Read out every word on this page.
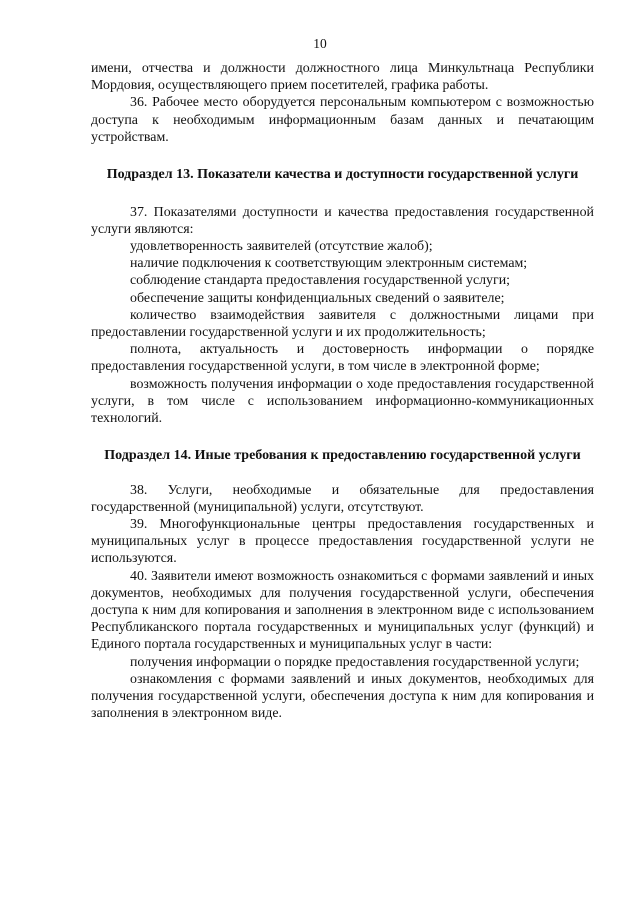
10

имени, отчества и должности должностного лица Минкультнаца Республики Мордовия, осуществляющего прием посетителей, графика работы.

36. Рабочее место оборудуется персональным компьютером с возможностью доступа к необходимым информационным базам данных и печатающим устройствам.

Подраздел 13. Показатели качества и доступности государственной услуги

37. Показателями доступности и качества предоставления государственной услуги являются:

удовлетворенность заявителей (отсутствие жалоб);

наличие подключения к соответствующим электронным системам;

соблюдение стандарта предоставления государственной услуги;

обеспечение защиты конфиденциальных сведений о заявителе;

количество взаимодействия заявителя с должностными лицами при предоставлении государственной услуги и их продолжительность;

полнота, актуальность и достоверность информации о порядке предоставления государственной услуги, в том числе в электронной форме;

возможность получения информации о ходе предоставления государственной услуги, в том числе с использованием информационно-коммуникационных технологий.

Подраздел 14. Иные требования к предоставлению государственной услуги

38. Услуги, необходимые и обязательные для предоставления государственной (муниципальной) услуги, отсутствуют.

39. Многофункциональные центры предоставления государственных и муниципальных услуг в процессе предоставления государственной услуги не используются.

40. Заявители имеют возможность ознакомиться с формами заявлений и иных документов, необходимых для получения государственной услуги, обеспечения доступа к ним для копирования и заполнения в электронном виде с использованием Республиканского портала государственных и муниципальных услуг (функций) и Единого портала государственных и муниципальных услуг в части:

получения информации о порядке предоставления государственной услуги;

ознакомления с формами заявлений и иных документов, необходимых для получения государственной услуги, обеспечения доступа к ним для копирования и заполнения в электронном виде.
